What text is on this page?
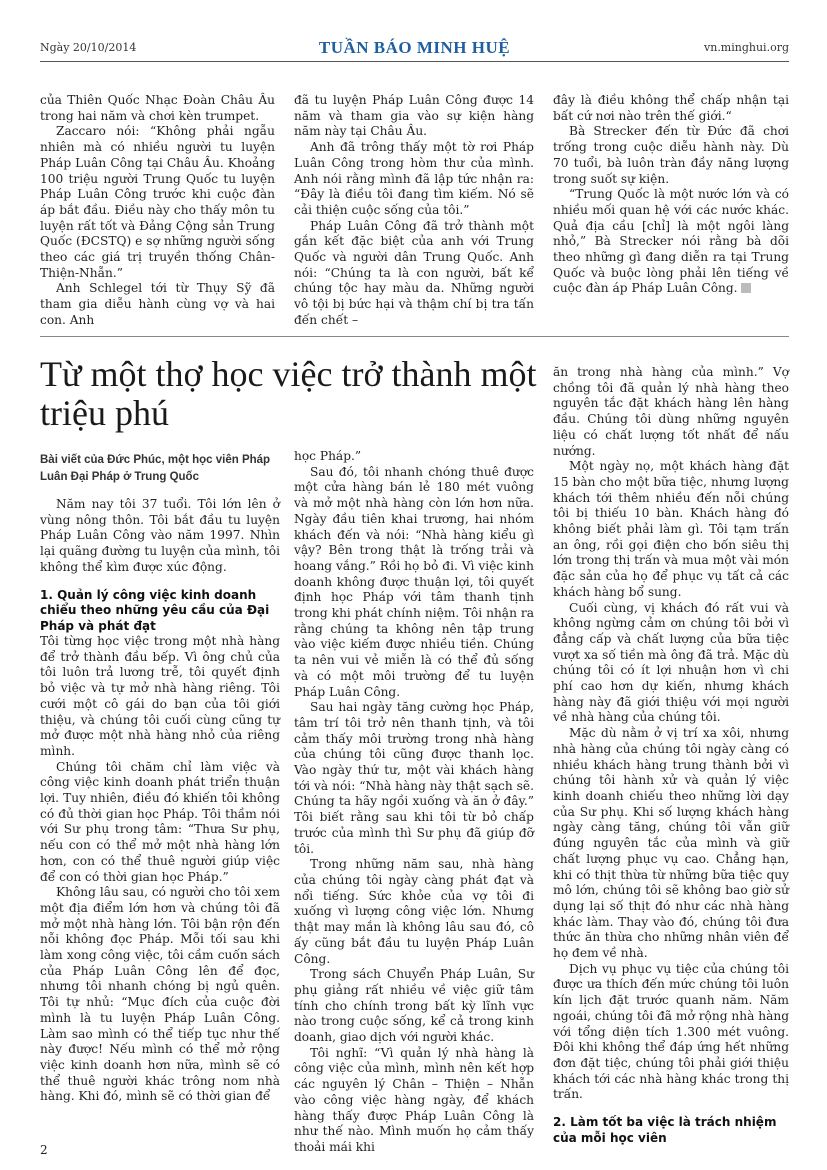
Ngày 20/10/2014	TUẦN BÁO MINH HUỆ	vn.minghui.org

của Thiên Quốc Nhạc Đoàn Châu Âu trong hai năm và chơi kèn trumpet.

Zaccaro nói: “Không phải ngẫu nhiên mà có nhiều người tu luyện Pháp Luân Công tại Châu Âu. Khoảng 100 triệu người Trung Quốc tu luyện Pháp Luân Công trước khi cuộc đàn áp bắt đầu. Điều này cho thấy môn tu luyện rất tốt và Đảng Cộng sản Trung Quốc (ĐCSTQ) e sợ những người sống theo các giá trị truyền thống Chân-Thiện-Nhẫn.”

Anh Schlegel tới từ Thụy Sỹ đã tham gia diễu hành cùng vợ và hai con. Anh

đã tu luyện Pháp Luân Công được 14 năm và tham gia vào sự kiện hàng năm này tại Châu Âu.

Anh đã trông thấy một tờ rơi Pháp Luân Công trong hòm thư của mình. Anh nói rằng mình đã lập tức nhận ra: “Đây là điều tôi đang tìm kiếm. Nó sẽ cải thiện cuộc sống của tôi.”

Pháp Luân Công đã trở thành một gắn kết đặc biệt của anh với Trung Quốc và người dân Trung Quốc. Anh nói: “Chúng ta là con người, bất kể chúng tộc hay màu da. Những người vô tội bị bức hại và thậm chí bị tra tấn đến chết –

đây là điều không thể chấp nhận tại bất cứ nơi nào trên thế giới.“

Bà Strecker đến từ Đức đã chơi trống trong cuộc diễu hành này. Dù 70 tuổi, bà luôn tràn đầy năng lượng trong suốt sự kiện.

“Trung Quốc là một nước lớn và có nhiều mối quan hệ với các nước khác. Quả địa cầu [chỉ] là một ngôi làng nhỏ,” Bà Strecker nói rằng bà dõi theo những gì đang diễn ra tại Trung Quốc và buộc lòng phải lên tiếng về cuộc đàn áp Pháp Luân Công.

Từ một thợ học việc trở thành một triệu phú
Bài viết của Đức Phúc, một học viên Pháp Luân Đại Pháp ở Trung Quốc

Năm nay tôi 37 tuổi. Tôi lớn lên ở vùng nông thôn. Tôi bắt đầu tu luyện Pháp Luân Công vào năm 1997. Nhìn lại quãng đường tu luyện của mình, tôi không thể kìm được xúc động.

1. Quản lý công việc kinh doanh chiểu theo những yêu cầu của Đại Pháp và phát đạt

Tôi từng học việc trong một nhà hàng để trở thành đầu bếp. Vì ông chủ của tôi luôn trả lương trễ, tôi quyết định bỏ việc và tự mở nhà hàng riêng. Tôi cưới một cô gái do bạn của tôi giới thiệu, và chúng tôi cuối cùng cũng tự mở được một nhà hàng nhỏ của riêng mình.

Chúng tôi chăm chỉ làm việc và công việc kinh doanh phát triển thuận lợi. Tuy nhiên, điều đó khiến tôi không có đủ thời gian học Pháp. Tôi thầm nói với Sư phụ trong tâm: “Thưa Sư phụ, nếu con có thể mở một nhà hàng lớn hơn, con có thể thuê người giúp việc để con có thời gian học Pháp.”

Không lâu sau, có người cho tôi xem một địa điểm lớn hơn và chúng tôi đã mở một nhà hàng lớn. Tôi bận rộn đến nỗi không đọc Pháp. Mỗi tối sau khi làm xong công việc, tôi cầm cuốn sách của Pháp Luân Công lên để đọc, nhưng tôi nhanh chóng bị ngủ quên. Tôi tự nhủ: “Mục đích của cuộc đời mình là tu luyện Pháp Luân Công. Làm sao mình có thể tiếp tục như thế này được! Nếu mình có thể mở rộng việc kinh doanh hơn nữa, mình sẽ có thể thuê người khác trông nom nhà hàng. Khi đó, mình sẽ có thời gian để

học Pháp.”

Sau đó, tôi nhanh chóng thuê được một cửa hàng bán lẻ 180 mét vuông và mở một nhà hàng còn lớn hơn nữa. Ngày đầu tiên khai trương, hai nhóm khách đến và nói: “Nhà hàng kiểu gì vậy? Bên trong thật là trống trải và hoang vắng.” Rồi họ bỏ đi. Vì việc kinh doanh không được thuận lợi, tôi quyết định học Pháp với tâm thanh tịnh trong khi phát chính niệm. Tôi nhận ra rằng chúng ta không nên tập trung vào việc kiếm được nhiều tiền. Chúng ta nên vui vẻ miễn là có thể đủ sống và có một môi trường để tu luyện Pháp Luân Công.

Sau hai ngày tăng cường học Pháp, tâm trí tôi trở nên thanh tịnh, và tôi cảm thấy môi trường trong nhà hàng của chúng tôi cũng được thanh lọc. Vào ngày thứ tư, một vài khách hàng tới và nói: “Nhà hàng này thật sạch sẽ. Chúng ta hãy ngồi xuống và ăn ở đây.” Tôi biết rằng sau khi tôi từ bỏ chấp trước của mình thì Sư phụ đã giúp đỡ tôi.

Trong những năm sau, nhà hàng của chúng tôi ngày càng phát đạt và nổi tiếng. Sức khỏe của vợ tôi đi xuống vì lượng công việc lớn. Nhưng thật may mắn là không lâu sau đó, cô ấy cũng bắt đầu tu luyện Pháp Luân Công.

Trong sách Chuyển Pháp Luân, Sư phụ giảng rất nhiều về việc giữ tâm tính cho chính trong bất kỳ lĩnh vực nào trong cuộc sống, kể cả trong kinh doanh, giao dịch với người khác.

Tôi nghĩ: “Vì quản lý nhà hàng là công việc của mình, mình nên kết hợp các nguyên lý Chân – Thiện – Nhẫn vào công việc hàng ngày, để khách hàng thấy được Pháp Luân Công là như thế nào. Mình muốn họ cảm thấy thoải mái khi

ăn trong nhà hàng của mình.” Vợ chồng tôi đã quản lý nhà hàng theo nguyên tắc đặt khách hàng lên hàng đầu. Chúng tôi dùng những nguyên liệu có chất lượng tốt nhất để nấu nướng.

Một ngày nọ, một khách hàng đặt 15 bàn cho một bữa tiệc, nhưng lượng khách tới thêm nhiều đến nỗi chúng tôi bị thiếu 10 bàn. Khách hàng đó không biết phải làm gì. Tôi tạm trấn an ông, rồi gọi điện cho bốn siêu thị lớn trong thị trấn và mua một vài món đặc sản của họ để phục vụ tất cả các khách hàng bổ sung.

Cuối cùng, vị khách đó rất vui và không ngừng cảm ơn chúng tôi bởi vì đẳng cấp và chất lượng của bữa tiệc vượt xa số tiền mà ông đã trả. Mặc dù chúng tôi có ít lợi nhuận hơn vì chi phí cao hơn dự kiến, nhưng khách hàng này đã giới thiệu với mọi người về nhà hàng của chúng tôi.

Mặc dù nằm ở vị trí xa xôi, nhưng nhà hàng của chúng tôi ngày càng có nhiều khách hàng trung thành bởi vì chúng tôi hành xử và quản lý việc kinh doanh chiếu theo những lời dạy của Sư phụ. Khi số lượng khách hàng ngày càng tăng, chúng tôi vẫn giữ đúng nguyên tắc của mình và giữ chất lượng phục vụ cao. Chẳng hạn, khi có thịt thừa từ những bữa tiệc quy mô lớn, chúng tôi sẽ không bao giờ sử dụng lại số thịt đó như các nhà hàng khác làm. Thay vào đó, chúng tôi đưa thức ăn thừa cho những nhân viên để họ đem về nhà.

Dịch vụ phục vụ tiệc của chúng tôi được ưa thích đến mức chúng tôi luôn kín lịch đặt trước quanh năm. Năm ngoái, chúng tôi đã mở rộng nhà hàng với tổng diện tích 1.300 mét vuông. Đôi khi không thể đáp ứng hết những đơn đặt tiệc, chúng tôi phải giới thiệu khách tới các nhà hàng khác trong thị trấn.

2. Làm tốt ba việc là trách nhiệm của mỗi học viên
2
